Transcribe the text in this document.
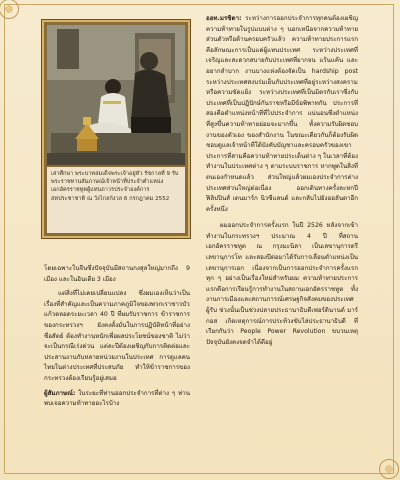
เล่าศึกษา พระบาทสมเด็จพระเจ้าอยู่หัว รัชกาลที่ 9 รับพระราชทานสัมภาษณ์เจ้าหน้าที่ประจำตำแหน่ง เอกอัครราชทูตผู้แทนถาวรประจำองค์การสหประชาชาติ ณ วังไกลกังวล 6 กรกฎาคม 2552

โดยเฉพาะในจีนซึ่งปัจจุบันมีสถานกงสุลใหญ่มากถึง 9 เมือง และในอินเดีย 3 เมือง

แต่สิ่งที่ไม่เคยเปลี่ยนแปลง ซึ่งผมเองเห็นว่าเป็นเรื่องที่สำคัญและเป็นความภาคภูมิใจของพวกเราชาวบัวแก้วตลอดระยะเวลา 40 ปี ที่ผมรับราชการ ข้าราชการของกระทรวงฯ ยังคงตั้งมั่นในการปฏิบัติหน้าที่อย่างซื่อสัตย์ ต้องทำงานหนักเพื่อผลประโยชน์ของชาติ ไม่ว่าจะเป็นกรณีเร่งด่วน แต่ละปีต้องเผชิญกับการติดต่อและประสานงานกับหลายหน่วยงานในประเทศ การดูแลคนไทยในต่างประเทศที่ประสบภัย ทำให้ข้าราชการของกระทรวงต้องเรียนรู้อยู่เสมอ

ผู้สัมภาษณ์: ในระยะที่ท่านออกประจำการที่ต่าง ๆ ท่านพบเจอความท้าทายอะไรบ้าง

ออท.มรชิตา: ระหว่างการออกประจำการทุกคนต้องเผชิญความท้าทายในรูปแบบต่าง ๆ นอกเหนือจากความท้าทายส่วนตัวหรือด้านครอบครัวแล้ว ความท้าทายประการแรกคือลักษณะการเป็นแค่ผู้แทนประเทศ ระหว่างประเทศที่เจริญและสะดวกสบายกับประเทศที่ยากจน แร้นแค้น และอยากลำบาก งานบางแห่งต้องจัดเป็น hardship post ระหว่างประเทศสงบร่มเย็นกับประเทศที่อยู่ระหว่างสงครามหรือความขัดแย้ง ระหว่างประเทศที่เป็นมิตรกับเราซึ่งกับประเทศที่เป็นปฏิปักษ์กันราชหรือมีข้อพิพาทกัน ประการที่สองคือตำแหน่งหน้าที่ที่ไปประจำการ แน่นอนซึ่งตำแหน่งที่สูงขึ้นความท้าทายย่อมจะมากขึ้น ทั้งความรับผิดชอบงานของตัวเอง ของสำนักงาน ในขณะเดียวกันก็ต้องรับผิดชอบดูแลเจ้าหน้าที่ใต้บังคับบัญชาและครอบครัวของเขา ประการที่สามคือความท้าทายประเด็นต่าง ๆ ในเวลาที่ต้องทำงานในประเทศต่าง ๆ ตามระบบราชการ หากพูดในสิ่งที่ตนเองกำหนดแล้ว ส่วนใหญ่แล้วผมเองประจำการต่างประเทศส่วนใหญ่ต่อเนื่อง ออกเดินทางครั้งละหกปี ฟิลิปปินส์ เดนมาร์ก นิวซีแลนด์ และกลับไปยังฮอลันดาอีกครั้งหนึ่ง

ผมออกประจำการครั้งแรก ในปี 2526 หลังจากเข้าทำงานในกระทรวงฯ ประมาณ 4 ปี ที่สถานเอกอัครราชทูต ณ กรุงมะนิลา เป็นเลขานุการตรี เลขานุการโท และสองปีต่อมาได้รับการเลื่อนตำแหน่งเป็นเลขานุการเอก เนื่องจากเป็นการออกประจำการครั้งแรก ทุก ๆ อย่างเป็นเรื่องใหม่สำหรับผม ความท้าทายประการแรกคือการเรียนรู้การทำงานในสถานเอกอัครราชทูต ทั้งงานการเมืองและสถานการณ์เศรษฐกิจสังคมของประเทศผู้รับ ช่วงนั้นเป็นช่วงปลายประธานาธิบดีเฟอร์ดินานด์ มาร์กอส เกิดเหตุการณ์การประท้วงขับไล่ประธานาธิบดี ที่เรียกกันว่า People Power Revolution ขบวนเหตุปัจจุบันยังคงจดจำได้ดีอยู่
